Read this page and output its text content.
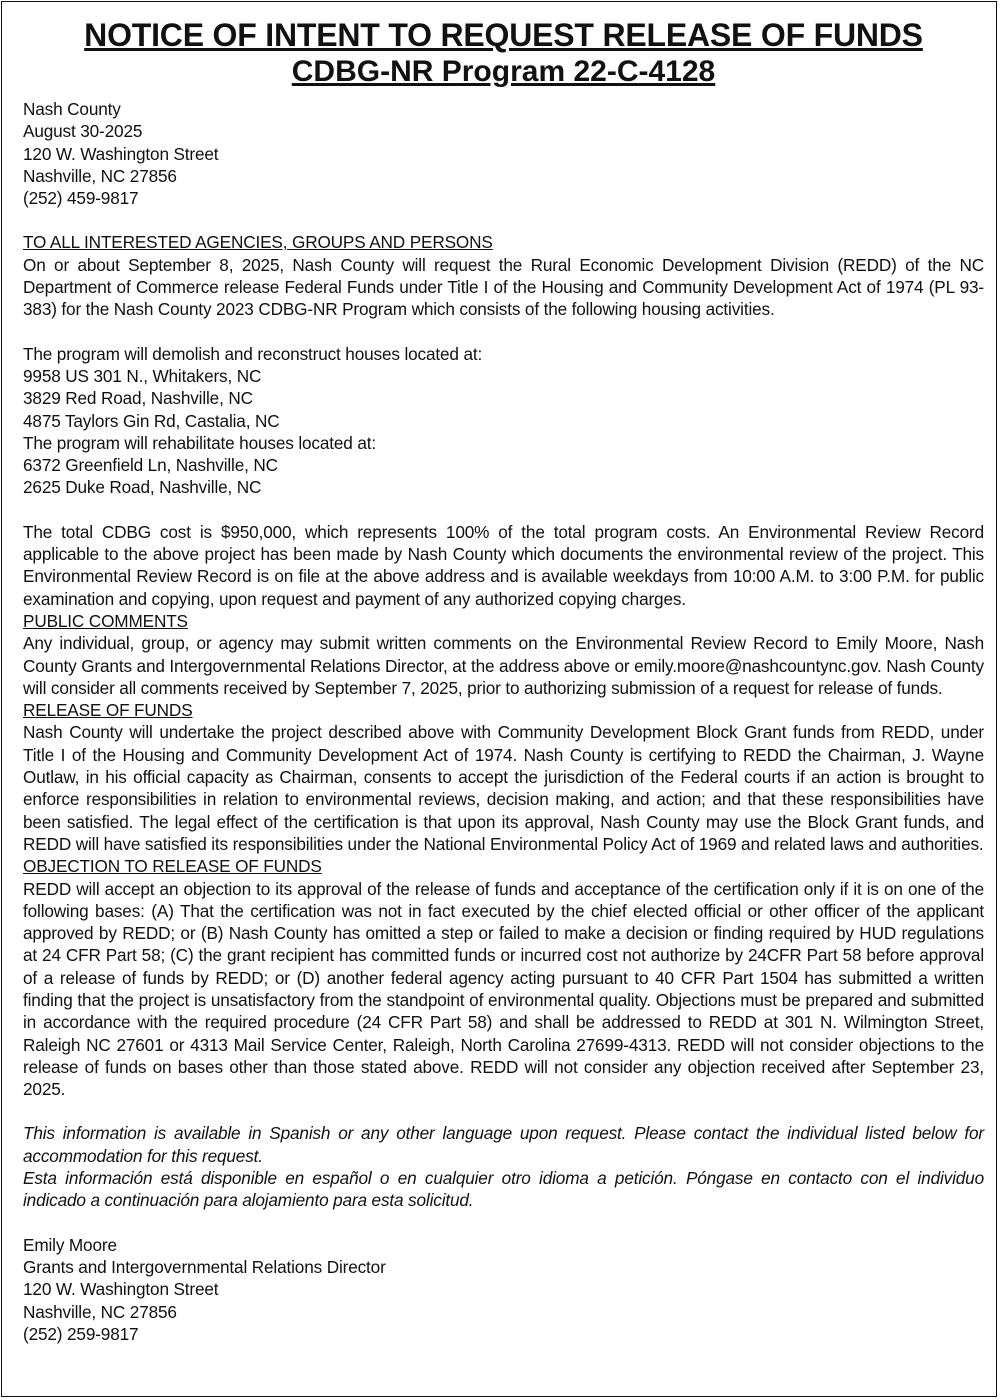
NOTICE OF INTENT TO REQUEST RELEASE OF FUNDS
CDBG-NR Program 22-C-4128
Nash County
August 30-2025
120 W. Washington Street
Nashville, NC 27856
(252) 459-9817
TO ALL INTERESTED AGENCIES, GROUPS AND PERSONS

On or about September 8, 2025, Nash County will request the Rural Economic Development Division (REDD) of the NC Department of Commerce release Federal Funds under Title I of the Housing and Community Development Act of 1974 (PL 93-383) for the Nash County 2023 CDBG-NR Program which consists of the following housing activities.

The program will demolish and reconstruct houses located at:
9958 US 301 N., Whitakers, NC
3829 Red Road, Nashville, NC
4875 Taylors Gin Rd, Castalia, NC
The program will rehabilitate houses located at:
6372 Greenfield Ln, Nashville, NC
2625 Duke Road, Nashville, NC

The total CDBG cost is $950,000, which represents 100% of the total program costs. An Environmental Review Record applicable to the above project has been made by Nash County which documents the environmental review of the project. This Environmental Review Record is on file at the above address and is available weekdays from 10:00 A.M. to 3:00 P.M. for public examination and copying, upon request and payment of any authorized copying charges.

PUBLIC COMMENTS

Any individual, group, or agency may submit written comments on the Environmental Review Record to Emily Moore, Nash County Grants and Intergovernmental Relations Director, at the address above or emily.moore@nashcountync.gov. Nash County will consider all comments received by September 7, 2025, prior to authorizing submission of a request for release of funds.

RELEASE OF FUNDS

Nash County will undertake the project described above with Community Development Block Grant funds from REDD, under Title I of the Housing and Community Development Act of 1974. Nash County is certifying to REDD the Chairman, J. Wayne Outlaw, in his official capacity as Chairman, consents to accept the jurisdiction of the Federal courts if an action is brought to enforce responsibilities in relation to environmental reviews, decision making, and action; and that these responsibilities have been satisfied. The legal effect of the certification is that upon its approval, Nash County may use the Block Grant funds, and REDD will have satisfied its responsibilities under the National Environmental Policy Act of 1969 and related laws and authorities.

OBJECTION TO RELEASE OF FUNDS

REDD will accept an objection to its approval of the release of funds and acceptance of the certification only if it is on one of the following bases: (A) That the certification was not in fact executed by the chief elected official or other officer of the applicant approved by REDD; or (B) Nash County has omitted a step or failed to make a decision or finding required by HUD regulations at 24 CFR Part 58; (C) the grant recipient has committed funds or incurred cost not authorize by 24CFR Part 58 before approval of a release of funds by REDD; or (D) another federal agency acting pursuant to 40 CFR Part 1504 has submitted a written finding that the project is unsatisfactory from the standpoint of environmental quality. Objections must be prepared and submitted in accordance with the required procedure (24 CFR Part 58) and shall be addressed to REDD at 301 N. Wilmington Street, Raleigh NC 27601 or 4313 Mail Service Center, Raleigh, North Carolina 27699-4313. REDD will not consider objections to the release of funds on bases other than those stated above. REDD will not consider any objection received after September 23, 2025.

This information is available in Spanish or any other language upon request. Please contact the individual listed below for accommodation for this request.

Esta información está disponible en español o en cualquier otro idioma a petición. Póngase en contacto con el individuo indicado a continuación para alojamiento para esta solicitud.

Emily Moore
Grants and Intergovernmental Relations Director
120 W. Washington Street
Nashville, NC 27856
(252) 259-9817
